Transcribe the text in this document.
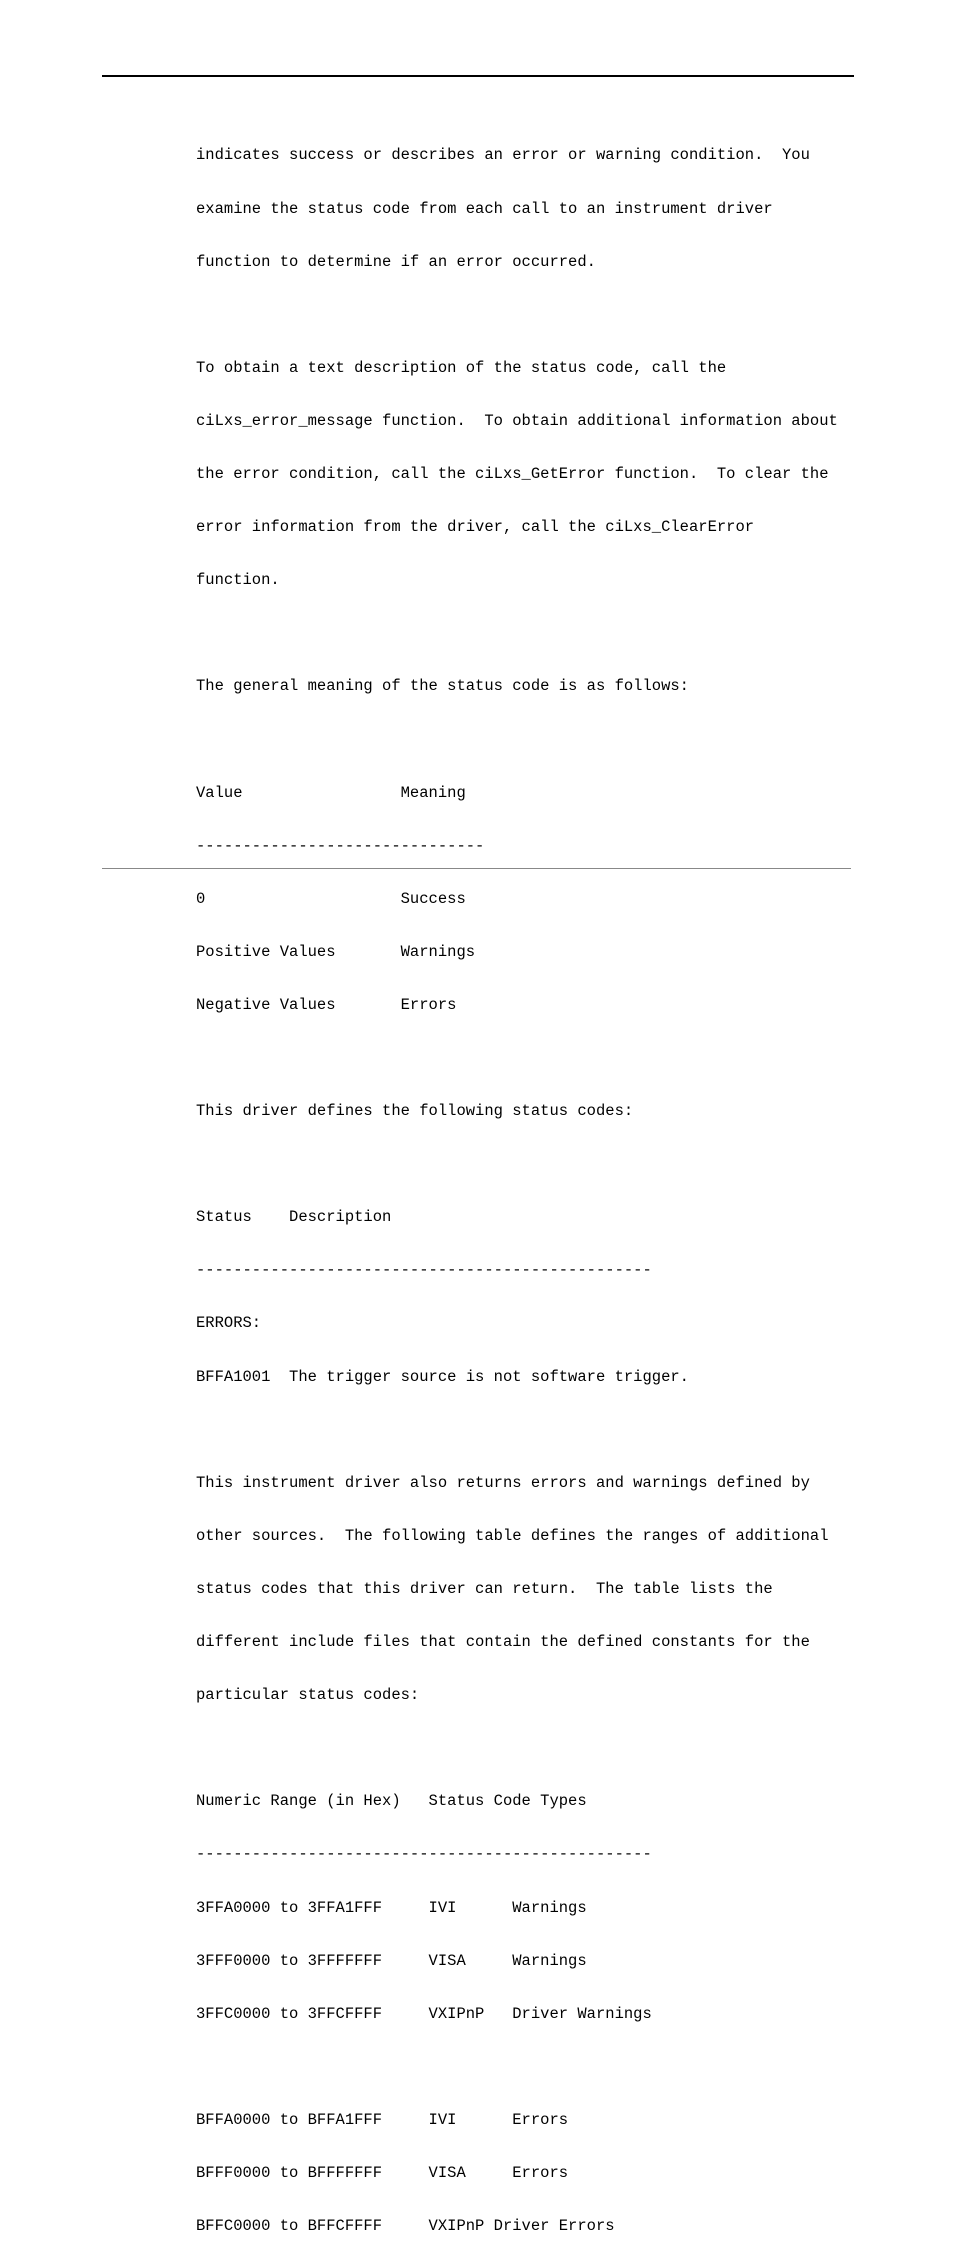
indicates success or describes an error or warning condition.  You

examine the status code from each call to an instrument driver

function to determine if an error occurred.

To obtain a text description of the status code, call the

ciLxs_error_message function.  To obtain additional information about

the error condition, call the ciLxs_GetError function.  To clear the

error information from the driver, call the ciLxs_ClearError

function.

The general meaning of the status code is as follows:

Value                 Meaning

-------------------------------

0                     Success

Positive Values       Warnings

Negative Values       Errors

This driver defines the following status codes:

Status    Description

-------------------------------------------------

ERRORS:

BFFA1001  The trigger source is not software trigger.

This instrument driver also returns errors and warnings defined by

other sources.  The following table defines the ranges of additional

status codes that this driver can return.  The table lists the

different include files that contain the defined constants for the

particular status codes:

Numeric Range (in Hex)   Status Code Types

-------------------------------------------------

3FFA0000 to 3FFA1FFF     IVI      Warnings

3FFF0000 to 3FFFFFFF     VISA     Warnings

3FFC0000 to 3FFCFFFF     VXIPnP   Driver Warnings

BFFA0000 to BFFA1FFF     IVI      Errors

BFFF0000 to BFFFFFFF     VISA     Errors

BFFC0000 to BFFCFFFF     VXIPnP Driver Errors
